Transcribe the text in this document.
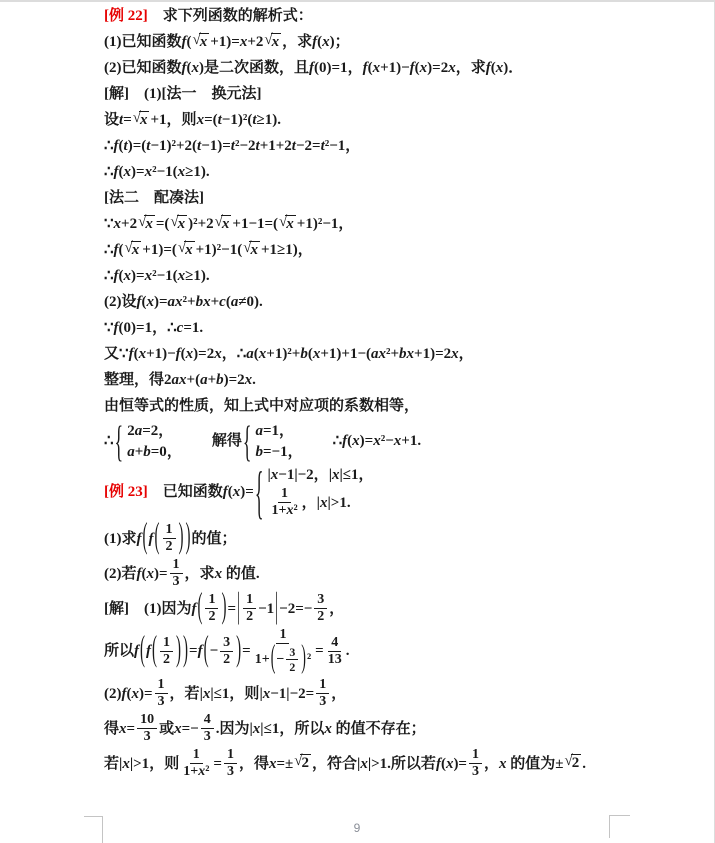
[例 22] 　求下列函数的解析式：
(1)已知函数 f( √ x +1)=x+2 √ x ，求 f(x) ；
(2)已知函数 f(x) 是二次函数，且 f(0)=1 ， f(x+1)−f(x)=2x ，求 f(x) ．
[解]　(1)[法一　换元法]
设 t= √ x +1 ，则 x=(t−1)²(t≥1).
∴f(t)=(t−1)²+2(t−1)=t²−2t+1+2t−2=t²−1 ，
∴f(x)=x²−1(x≥1).
[法二　配凑法]
∵x+2 √ x =( √ x )²+2 √ x +1−1=( √ x +1)²−1 ，
∴f( √ x +1)=( √ x +1)²−1( √ x +1≥1) ，
∴f(x)=x²−1(x≥1).
(2)设 f(x)=ax²+bx+c(a≠0).
∵f(0)=1 ， ∴c=1.
又 ∵f(x+1)−f(x)=2x ， ∴a(x+1)²+b(x+1)+1−(ax²+bx+1)=2x ，
整理，得 2ax+(a+b)=2x.
由恒等式的性质，知上式中对应项的系数相等，
∴ { 2a=2 ，
a+b=0 ，
　　解得 { a=1 ，
b=−1 ，

∴f(x)=x²−x+1.
[例 23] 　已知函数 f(x)= { |x−1|−2 ， |x|≤1 ，
$\frac{1}{\text{1+ x ²}}$ ， |x|>1.
(1)求 f ( f ( $\frac{1}{2}$ ) ) 的值；
(2)若 $f(x)= \frac{1}{3}$ ，求 x 的值.
[解]　(1)因为 f ( $\frac{1}{2}$ ) = | $\frac{1}{2} -1$ | $-2=- \frac{3}{2}$ ，
所以 f ( f ( $\frac{1}{2}$ ) ) =f ( − $\frac{3}{2}$ ) = $\frac{1}{1+ ( - \frac{3}{2} ) ^2} = \frac{4}{13}$ .
(2) $f(x)= \frac{1}{3}$ ，若 |x|≤1 ，则 $|x-1|-2= \frac{1}{3}$ ，
得 $x= \frac{10}{3}$ 或 $x=- \frac{4}{3}$ . 因为 |x|≤1 ，所以 x 的值不存在；
若 |x|>1 ，则 $\frac{1}{\text{1+ x ²}} = \frac{1}{3}$ ，得 x=± √ 2 ，符合 |x|>1. 所以若 $f(x)= \frac{1}{3}$ ， x 的值为 ± √ 2 .
9
